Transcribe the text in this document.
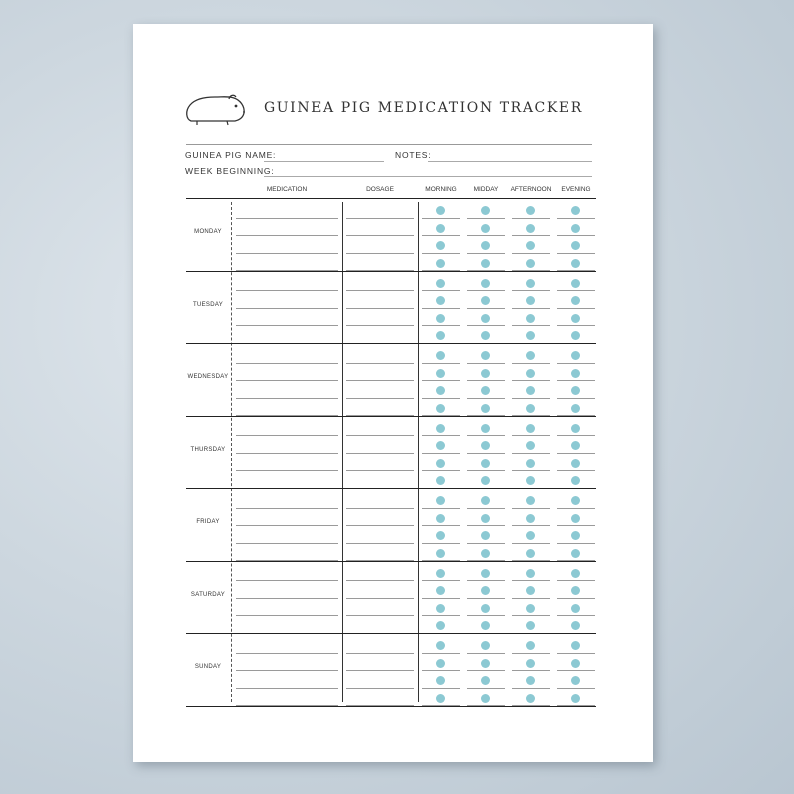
GUINEA PIG MEDICATION TRACKER
GUINEA PIG NAME:	NOTES:
WEEK BEGINNING:
MEDICATION	DOSAGE	MORNING	MIDDAY	AFTERNOON	EVENING
MONDAY
TUESDAY
WEDNESDAY
THURSDAY
FRIDAY
SATURDAY
SUNDAY
